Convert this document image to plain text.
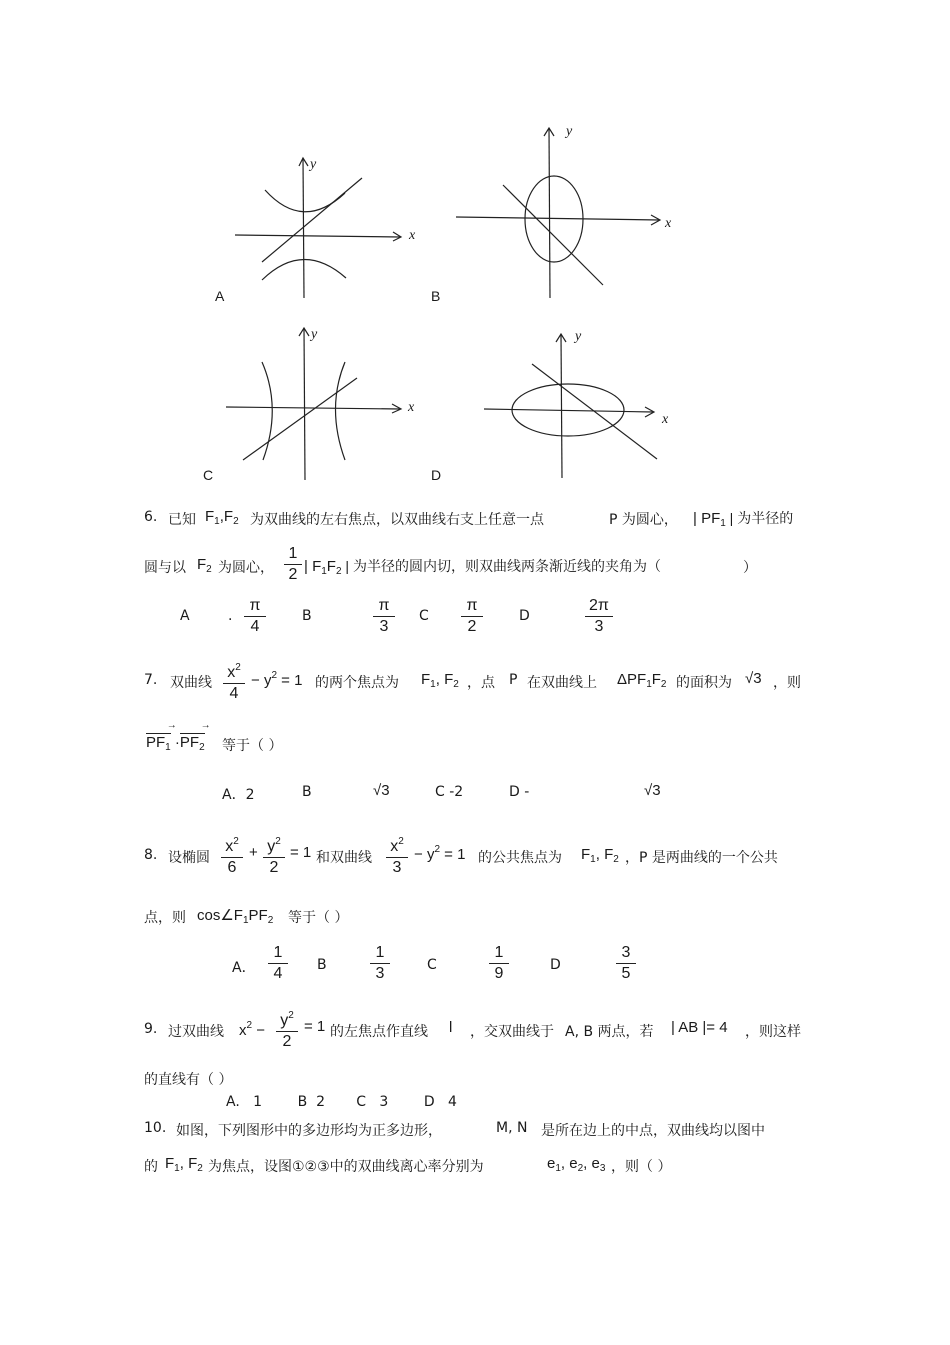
A	B
C	D
x
y
x
y
x
y
x
y
6. 已知 $F_1,F_2$ 为双曲线的左右焦点，以双曲线右支上任意一点	P 为圆心， | $PF_1$ | 为半径的
圆与以 $F_2$ 为圆心， $\frac{1}{2}$ | $F_1F_2$ | 为半径的圆内切，则双曲线两条渐近线的夹角为（	）
A	. $\frac{\pi}{4}$	B	$\frac{\pi}{3}$ C $\frac{\pi}{2}$	D	$\frac{2\pi}{3}$
7. 双曲线 $\frac{x^2}{4} - y^2 = 1$ 的两个焦点为 $F_1$, $F_2$ ，点 P 在双曲线上 $\Delta PF_1F_2$ 的面积为 √3 ，则
$PF_1 \to \cdot PF_2$ → 等于（ ）
A．2	B	√3	C -2	D -	√3
8. 设椭圆 $\frac{x^2}{6} + \frac{y^2}{2} = 1$ 和双曲线 $\frac{x^2}{3} - y^2 = 1$ 的公共焦点为 $F_1$, $F_2$ ，P 是两曲线的一个公共
点，则 $\cos\angle F_1PF_2$ 等于（ ）
A． $\frac{1}{4}$ B	$\frac{1}{3}$	C	$\frac{1}{9}$	D	$\frac{3}{5}$
9. 过双曲线 $x^2 - \frac{y^2}{2} = 1$ 的左焦点作直线 l ，交双曲线于 A, B 两点，若 | AB |= 4 ，则这样
的直线有（ ）
A.   1        B  2       C   3        D   4
10. 如图，下列图形中的多边形均为正多边形，	M, N 是所在边上的中点，双曲线均以图中
的 $F_1$, $F_2$ 为焦点，设图①②③中的双曲线离心率分别为	$e_1$, $e_2$, $e_3$ ，则（ ）
